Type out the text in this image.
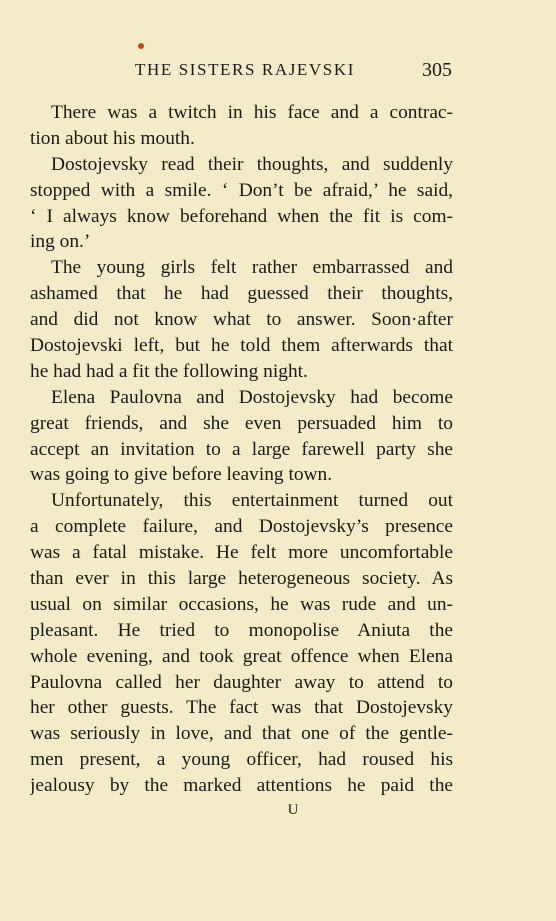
THE SISTERS RAJEVSKI	305
There was a twitch in his face and a contrac-
tion about his mouth.
Dostojevsky read their thoughts, and suddenly
stopped with a smile. ‘ Don’t be afraid,’ he said,
‘ I always know beforehand when the fit is com-
ing on.’
The young girls felt rather embarrassed and
ashamed that he had guessed their thoughts,
and did not know what to answer. Soon·after
Dostojevski left, but he told them afterwards that
he had had a fit the following night.
Elena Paulovna and Dostojevsky had become
great friends, and she even persuaded him to
accept an invitation to a large farewell party she
was going to give before leaving town.
Unfortunately, this entertainment turned out
a complete failure, and Dostojevsky’s presence
was a fatal mistake. He felt more uncomfortable
than ever in this large heterogeneous society. As
usual on similar occasions, he was rude and un-
pleasant. He tried to monopolise Aniuta the
whole evening, and took great offence when Elena
Paulovna called her daughter away to attend to
her other guests. The fact was that Dostojevsky
was seriously in love, and that one of the gentle-
men present, a young officer, had roused his
jealousy by the marked attentions he paid the
U
